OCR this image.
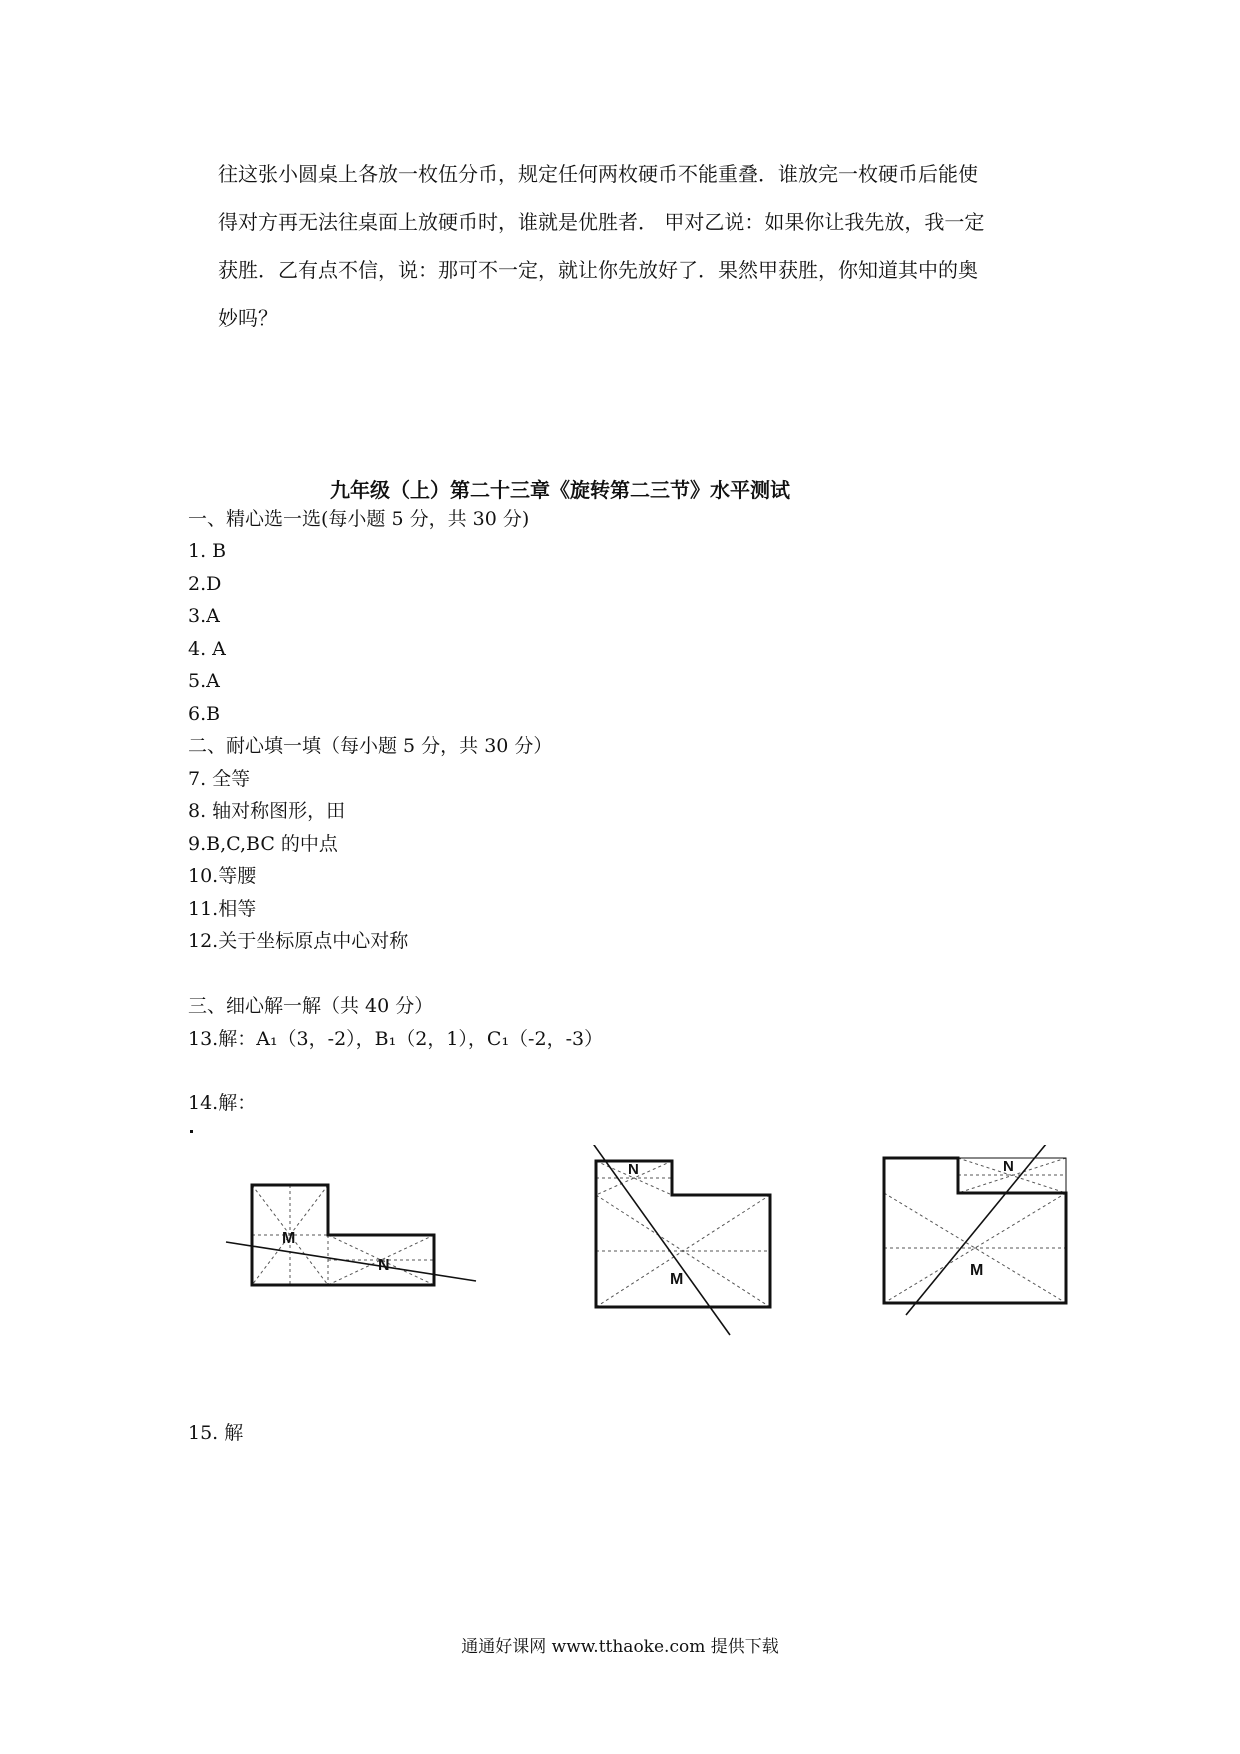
往这张小圆桌上各放一枚伍分币，规定任何两枚硬币不能重叠．谁放完一枚硬币后能使
得对方再无法往桌面上放硬币时，谁就是优胜者． 甲对乙说：如果你让我先放，我一定
获胜．乙有点不信，说：那可不一定，就让你先放好了．果然甲获胜，你知道其中的奥
妙吗？
九年级（上）第二十三章《旋转第二三节》水平测试
一、精心选一选(每小题 5 分，共 30 分)
1. B
2.D
3.A
4. A
5.A
6.B
二、耐心填一填（每小题 5 分，共 30 分）
7. 全等
8. 轴对称图形，田
9.B,C,BC 的中点
10.等腰
11.相等
12.关于坐标原点中心对称
三、细心解一解（共 40 分）
13.解：A₁（3，-2），B₁（2，1），C₁（-2，-3）
14.解：
M
N
N
M
N
M
15. 解
通通好课网 www.tthaoke.com 提供下载
